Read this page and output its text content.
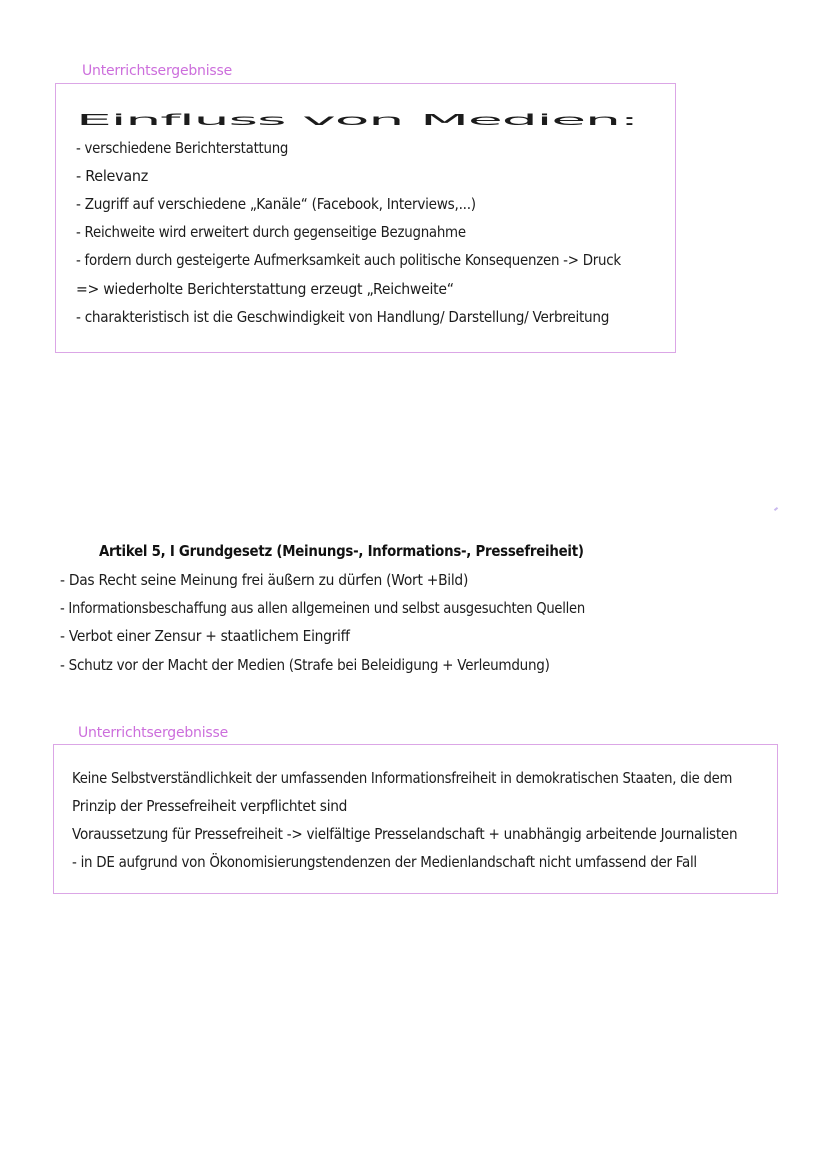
Unterrichtsergebnisse
Einfluss von Medien:
- verschiedene Berichterstattung
- Relevanz
- Zugriff auf verschiedene „Kanäle“ (Facebook, Interviews,...)
- Reichweite wird erweitert durch gegenseitige Bezugnahme
- fordern durch gesteigerte Aufmerksamkeit auch politische Konsequenzen -> Druck
=> wiederholte Berichterstattung erzeugt „Reichweite“
- charakteristisch ist die Geschwindigkeit von Handlung/ Darstellung/ Verbreitung
Artikel 5, I Grundgesetz (Meinungs-, Informations-, Pressefreiheit)
- Das Recht seine Meinung frei äußern zu dürfen (Wort +Bild)
- Informationsbeschaffung aus allen allgemeinen und selbst ausgesuchten Quellen
- Verbot einer Zensur + staatlichem Eingriff
- Schutz vor der Macht der Medien (Strafe bei Beleidigung + Verleumdung)
Unterrichtsergebnisse
Keine Selbstverständlichkeit der umfassenden Informationsfreiheit in demokratischen Staaten, die dem
Prinzip der Pressefreiheit verpflichtet sind
Voraussetzung für Pressefreiheit -> vielfältige Presselandschaft + unabhängig arbeitende Journalisten
- in DE aufgrund von Ökonomisierungstendenzen der Medienlandschaft nicht umfassend der Fall
